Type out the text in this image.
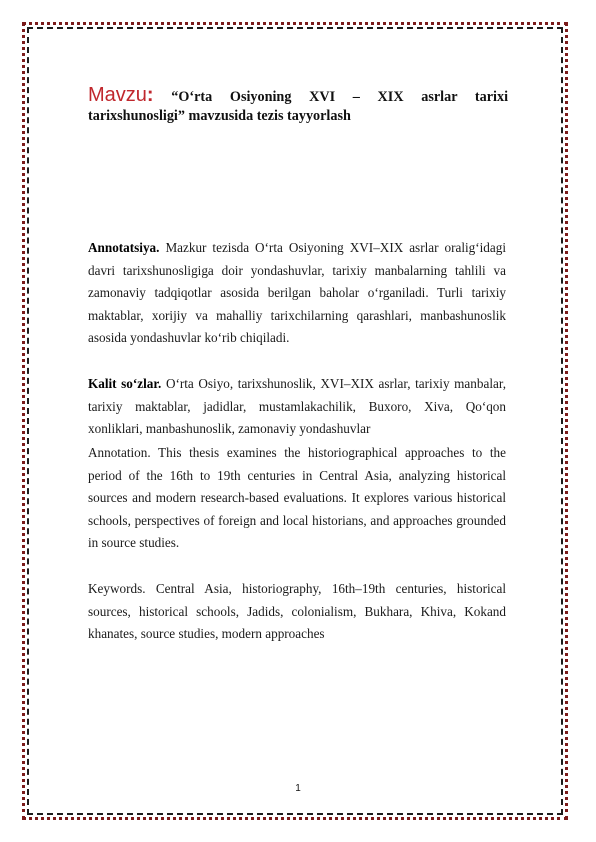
Mavzu: “O‘rta Osiyoning XVI – XIX asrlar tarixi tarixshunosligi” mavzusida tezis tayyorlash

Annotatsiya. Mazkur tezisda O‘rta Osiyoning XVI–XIX asrlar oralig‘idagi davri tarixshunosligiga doir yondashuvlar, tarixiy manbalarning tahlili va zamonaviy tadqiqotlar asosida berilgan baholar o‘rganiladi. Turli tarixiy maktablar, xorijiy va mahalliy tarixchilarning qarashlari, manbashunoslik asosida yondashuvlar ko‘rib chiqiladi.

Kalit so‘zlar. O‘rta Osiyo, tarixshunoslik, XVI–XIX asrlar, tarixiy manbalar, tarixiy maktablar, jadidlar, mustamlakachilik, Buxoro, Xiva, Qo‘qon xonliklari, manbashunoslik, zamonaviy yondashuvlar

Annotation. This thesis examines the historiographical approaches to the period of the 16th to 19th centuries in Central Asia, analyzing historical sources and modern research-based evaluations. It explores various historical schools, perspectives of foreign and local historians, and approaches grounded in source studies.

Keywords. Central Asia, historiography, 16th–19th centuries, historical sources, historical schools, Jadids, colonialism, Bukhara, Khiva, Kokand khanates, source studies, modern approaches

1
